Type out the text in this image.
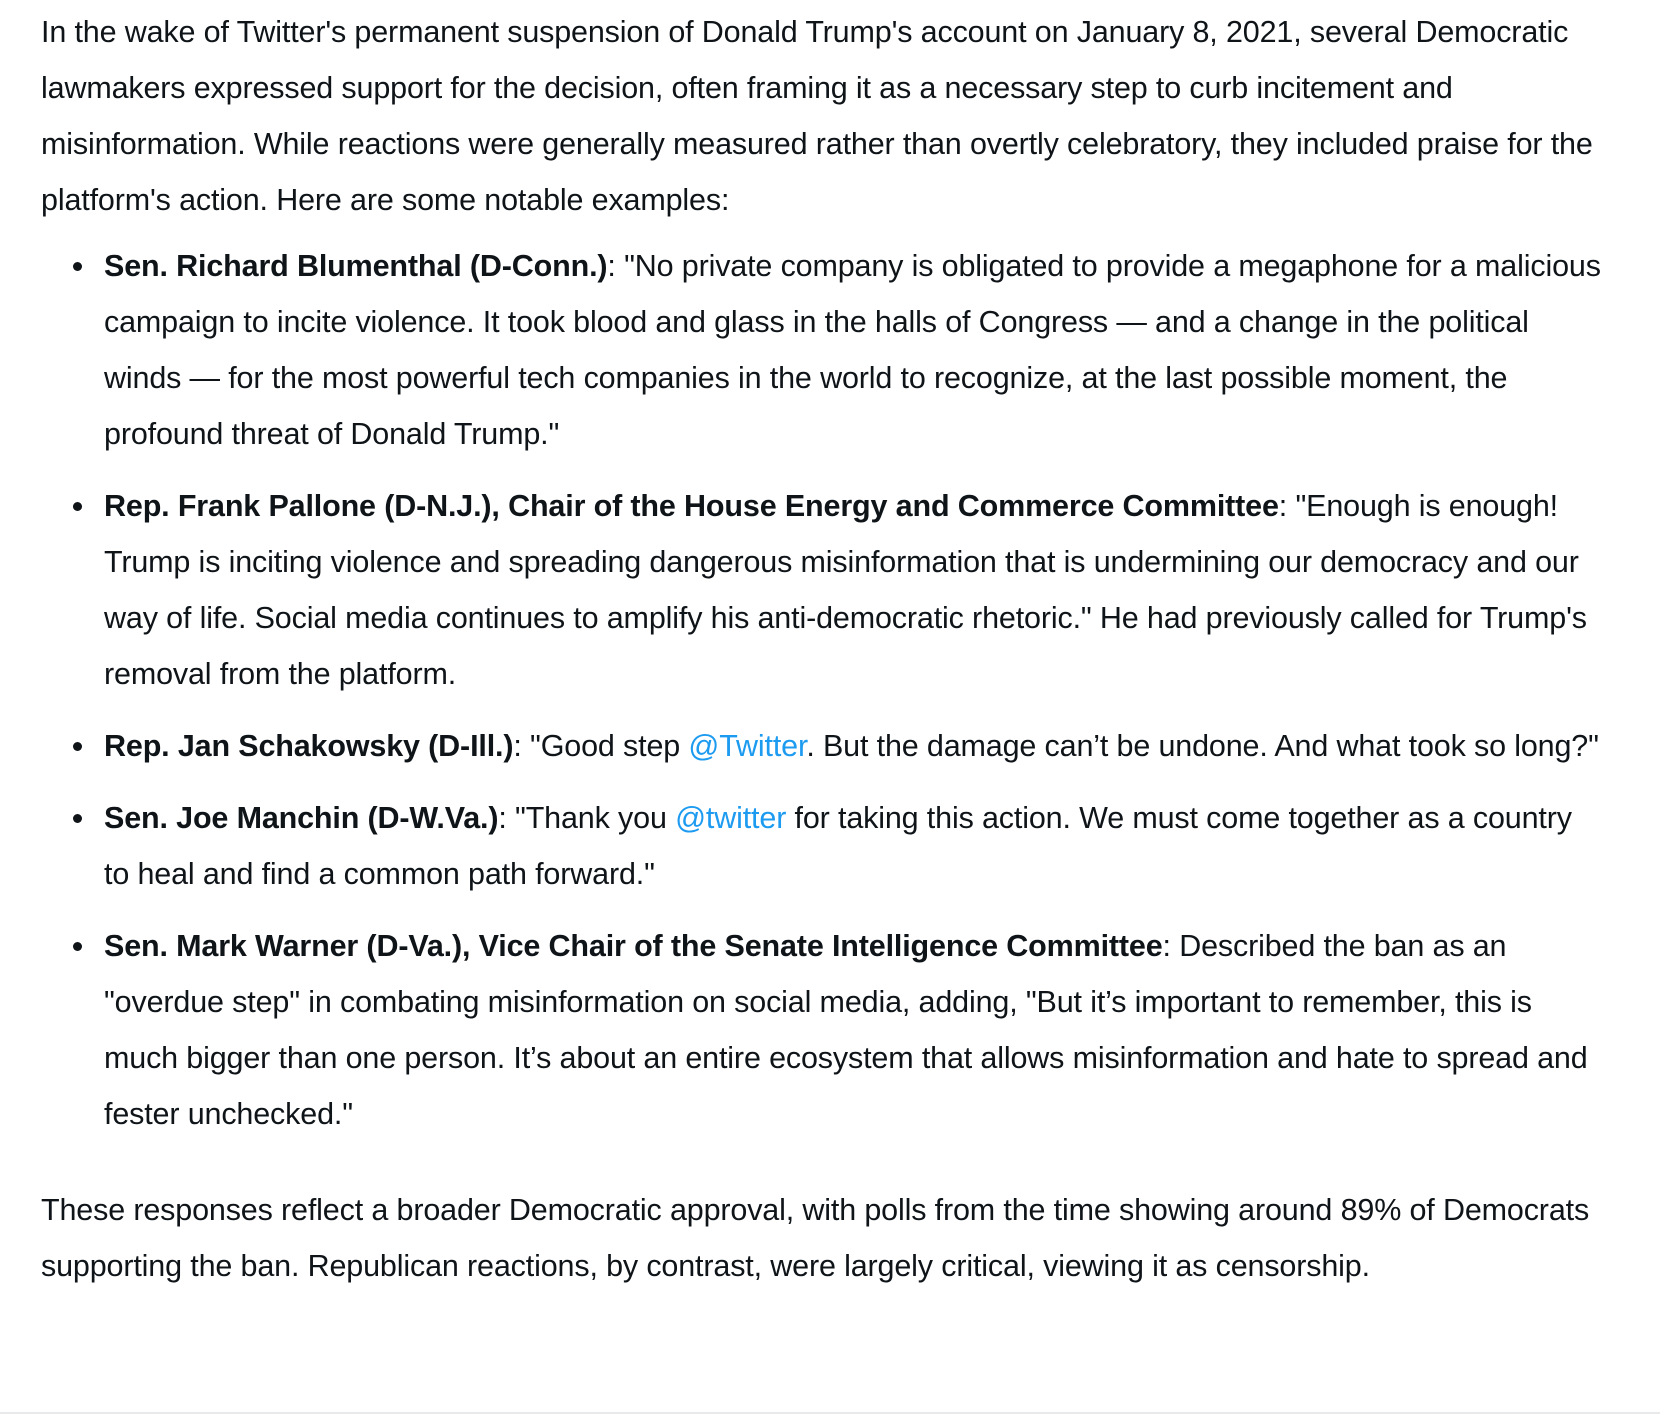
In the wake of Twitter's permanent suspension of Donald Trump's account on January 8, 2021, several Democratic lawmakers expressed support for the decision, often framing it as a necessary step to curb incitement and misinformation. While reactions were generally measured rather than overtly celebratory, they included praise for the platform's action. Here are some notable examples:

Sen. Richard Blumenthal (D-Conn.): "No private company is obligated to provide a megaphone for a malicious campaign to incite violence. It took blood and glass in the halls of Congress — and a change in the political winds — for the most powerful tech companies in the world to recognize, at the last possible moment, the profound threat of Donald Trump."
Rep. Frank Pallone (D-N.J.), Chair of the House Energy and Commerce Committee: "Enough is enough! Trump is inciting violence and spreading dangerous misinformation that is undermining our democracy and our way of life. Social media continues to amplify his anti-democratic rhetoric." He had previously called for Trump's removal from the platform.
Rep. Jan Schakowsky (D-Ill.): "Good step @Twitter. But the damage can’t be undone. And what took so long?"
Sen. Joe Manchin (D-W.Va.): "Thank you @twitter for taking this action. We must come together as a country to heal and find a common path forward."
Sen. Mark Warner (D-Va.), Vice Chair of the Senate Intelligence Committee: Described the ban as an "overdue step" in combating misinformation on social media, adding, "But it’s important to remember, this is much bigger than one person. It’s about an entire ecosystem that allows misinformation and hate to spread and fester unchecked."

These responses reflect a broader Democratic approval, with polls from the time showing around 89% of Democrats supporting the ban. Republican reactions, by contrast, were largely critical, viewing it as censorship.
